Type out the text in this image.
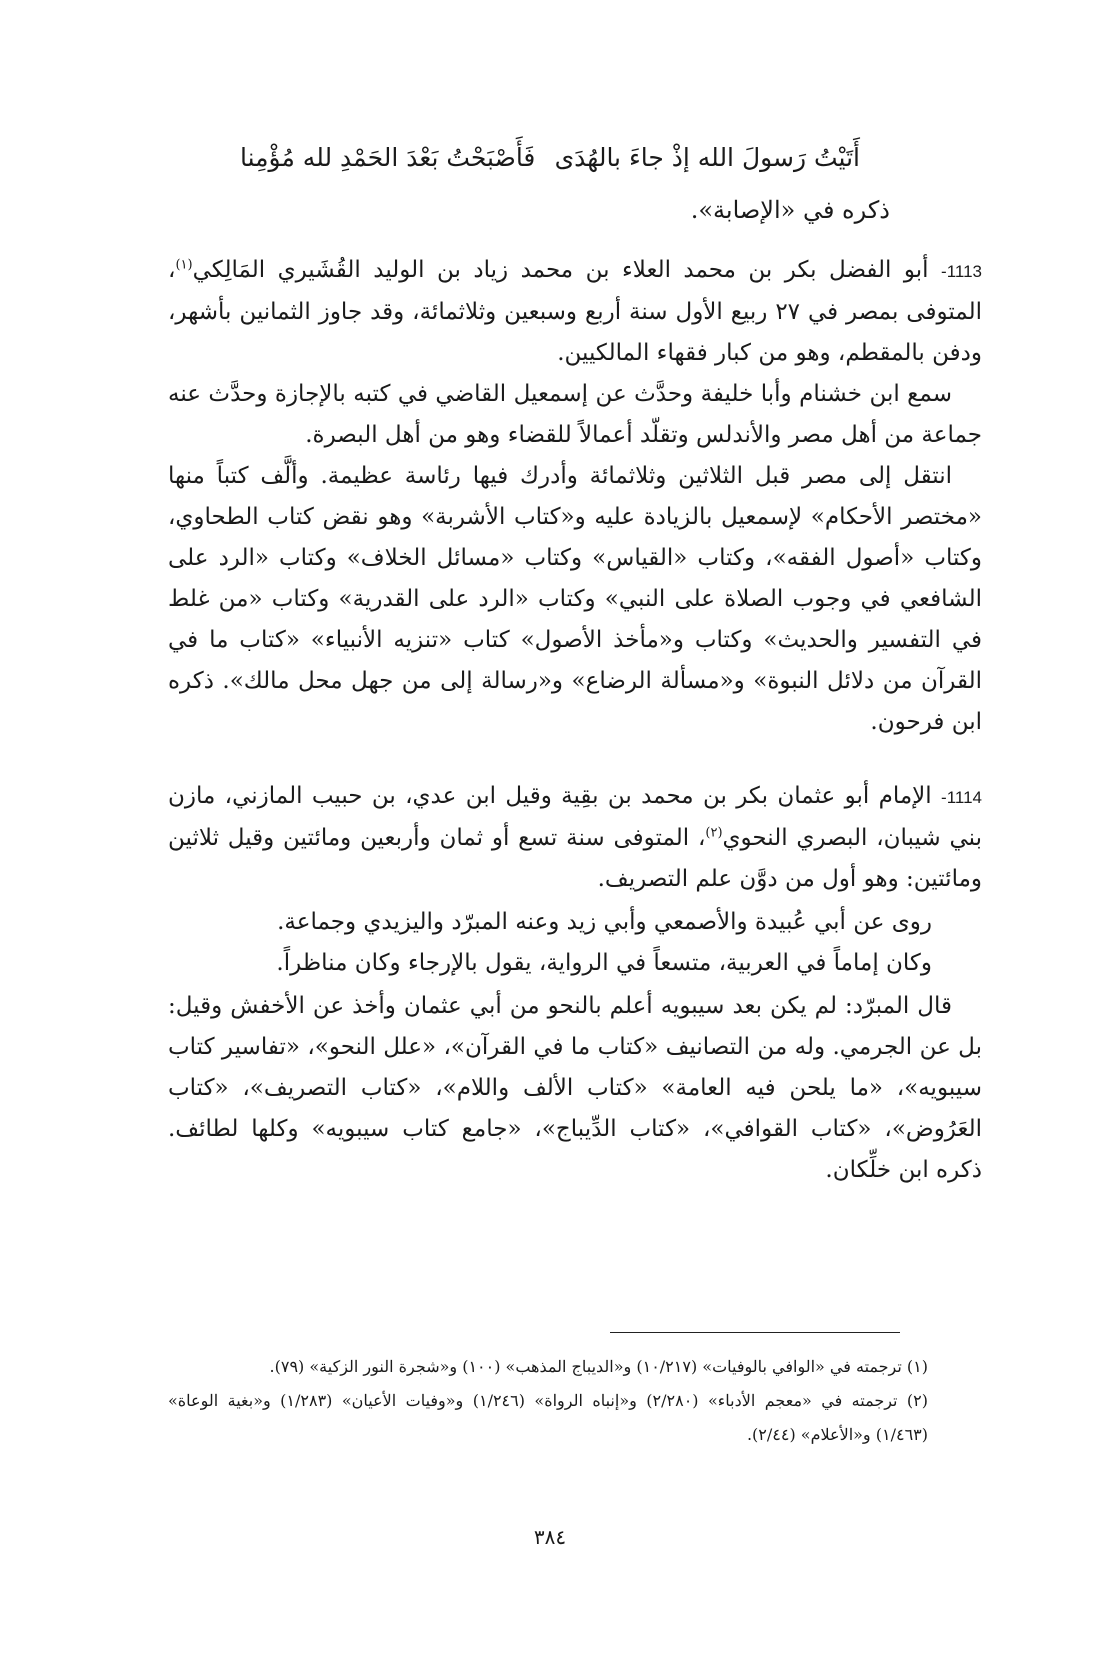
أَتَيْتُ رَسولَ الله إذْ جاءَ بالهُدَى
فَأَصْبَحْتُ بَعْدَ الحَمْدِ لله مُؤْمِنا
ذكره في «الإصابة».

1113- أبو الفضل بكر بن محمد العلاء بن محمد زياد بن الوليد القُشَيري المَالِكي$^{(١)}$، المتوفى بمصر في ٢٧ ربيع الأول سنة أربع وسبعين وثلاثمائة، وقد جاوز الثمانين بأشهر، ودفن بالمقطم، وهو من كبار فقهاء المالكيين.

سمع ابن خشنام وأبا خليفة وحدَّث عن إسمعيل القاضي في كتبه بالإجازة وحدَّث عنه جماعة من أهل مصر والأندلس وتقلّد أعمالاً للقضاء وهو من أهل البصرة.

انتقل إلى مصر قبل الثلاثين وثلاثمائة وأدرك فيها رئاسة عظيمة. وألَّف كتباً منها «مختصر الأحكام» لإسمعيل بالزيادة عليه و«كتاب الأشربة» وهو نقض كتاب الطحاوي، وكتاب «أصول الفقه»، وكتاب «القياس» وكتاب «مسائل الخلاف» وكتاب «الرد على الشافعي في وجوب الصلاة على النبي» وكتاب «الرد على القدرية» وكتاب «من غلط في التفسير والحديث» وكتاب و«مأخذ الأصول» كتاب «تنزيه الأنبياء» «كتاب ما في القرآن من دلائل النبوة» و«مسألة الرضاع» و«رسالة إلى من جهل محل مالك». ذكره ابن فرحون.

1114- الإمام أبو عثمان بكر بن محمد بن بقِية وقيل ابن عدي، بن حبيب المازني، مازن بني شيبان، البصري النحوي$^{(٢)}$، المتوفى سنة تسع أو ثمان وأربعين ومائتين وقيل ثلاثين ومائتين: وهو أول من دوَّن علم التصريف.

روى عن أبي عُبيدة والأصمعي وأبي زيد وعنه المبرّد واليزيدي وجماعة.

وكان إماماً في العربية، متسعاً في الرواية، يقول بالإرجاء وكان مناظراً.

قال المبرّد: لم يكن بعد سيبويه أعلم بالنحو من أبي عثمان وأخذ عن الأخفش وقيل: بل عن الجرمي. وله من التصانيف «كتاب ما في القرآن»، «علل النحو»، «تفاسير كتاب سيبويه»، «ما يلحن فيه العامة» «كتاب الألف واللام»، «كتاب التصريف»، «كتاب العَرُوض»، «كتاب القوافي»، «كتاب الدِّيباج»، «جامع كتاب سيبويه» وكلها لطائف. ذكره ابن خلِّكان.

(١) ترجمته في «الوافي بالوفيات» (١٠/٢١٧) و«الديباج المذهب» (١٠٠) و«شجرة النور الزكية» (٧٩).

(٢) ترجمته في «معجم الأدباء» (٢/٢٨٠) و«إنباه الرواة» (١/٢٤٦) و«وفيات الأعيان» (١/٢٨٣) و«بغية الوعاة» (١/٤٦٣) و«الأعلام» (٢/٤٤).

٣٨٤
